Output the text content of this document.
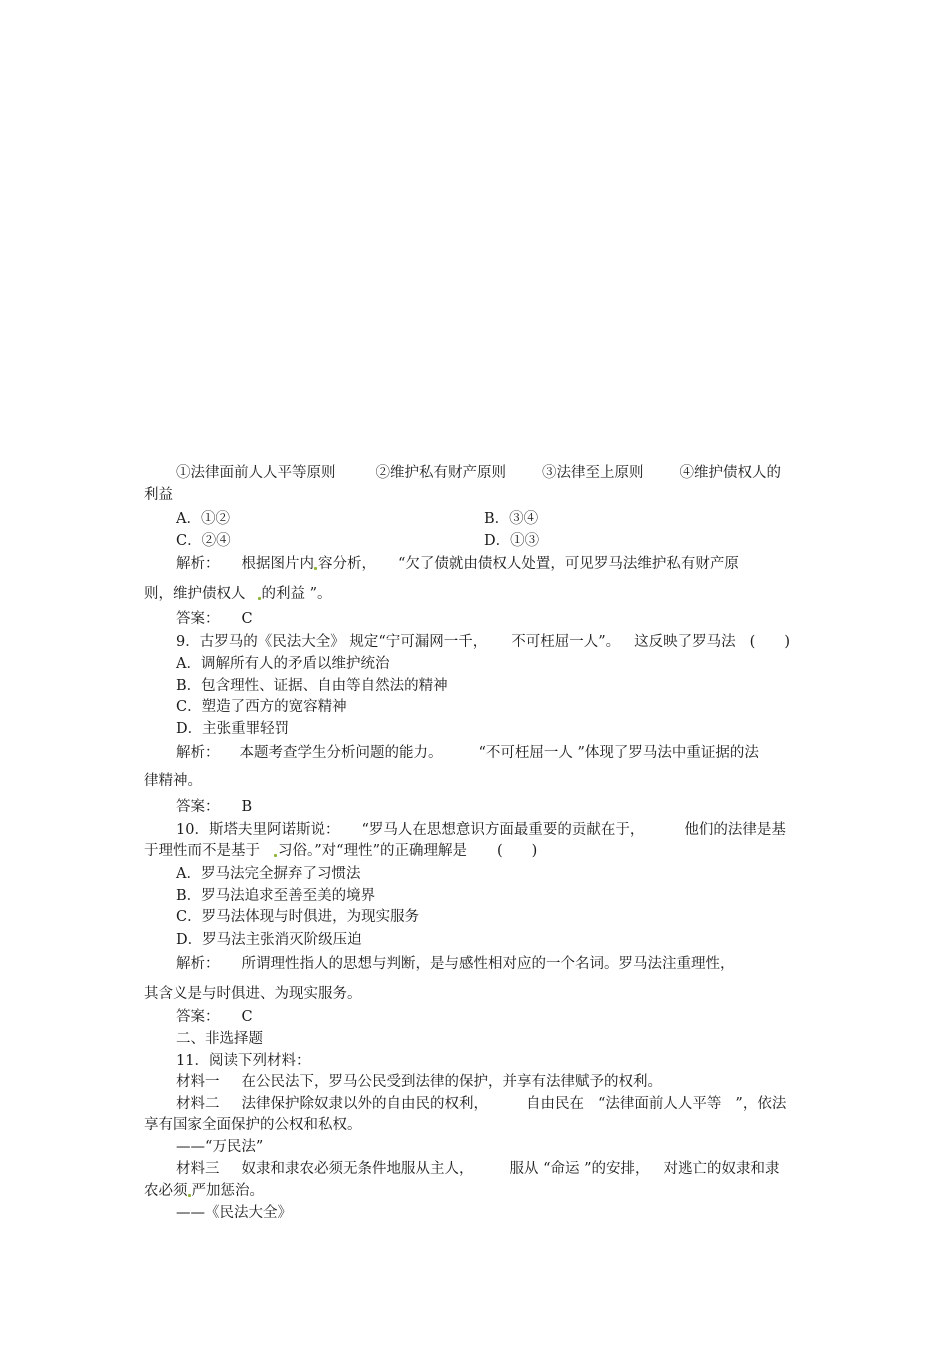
①法律面前人人平等原则	②维护私有财产原则 ③法律至上原则 ④维护债权人的
利益
A．①②	B．③④
C．②④	D．①③
解析： 根据图片内 容分析， “欠了债就由债权人处置，可见罗马法维护私有财产原
则，维护债权人 的利益 ”。
答案： C
9．古罗马的《民法大全》 规定“宁可漏网一千， 不可枉屈一人”。 这反映了罗马法 (　　)
A．调解所有人的矛盾以维护统治
B．包含理性、证据、自由等自然法的精神
C．塑造了西方的宽容精神
D．主张重罪轻罚
解析： 本题考查学生分析问题的能力。 “不可枉屈一人 ”体现了罗马法中重证据的法
律精神。
答案： B
10．斯塔夫里阿诺斯说： “罗马人在思想意识方面最重要的贡献在于，	他们的法律是基
于理性而不是基于 习俗。”对“理性”的正确理解是 (　　)
A．罗马法完全摒弃了习惯法
B．罗马法追求至善至美的境界
C．罗马法体现与时俱进，为现实服务
D．罗马法主张消灭阶级压迫
解析： 所谓理性指人的思想与判断，是与感性相对应的一个名词。罗马法注重理性，
其含义是与时俱进、为现实服务。
答案： C
二、非选择题
11．阅读下列材料：
材料一 在公民法下，罗马公民受到法律的保护，并享有法律赋予的权利。
材料二 法律保护除奴隶以外的自由民的权利，	自由民在 “法律面前人人平等 ”，依法
享有国家全面保护的公权和私权。
——“万民法”
材料三 奴隶和隶农必须无条件地服从主人， 服从 “命运 ”的安排， 对逃亡的奴隶和隶
农必须 严加惩治。
——《民法大全》
